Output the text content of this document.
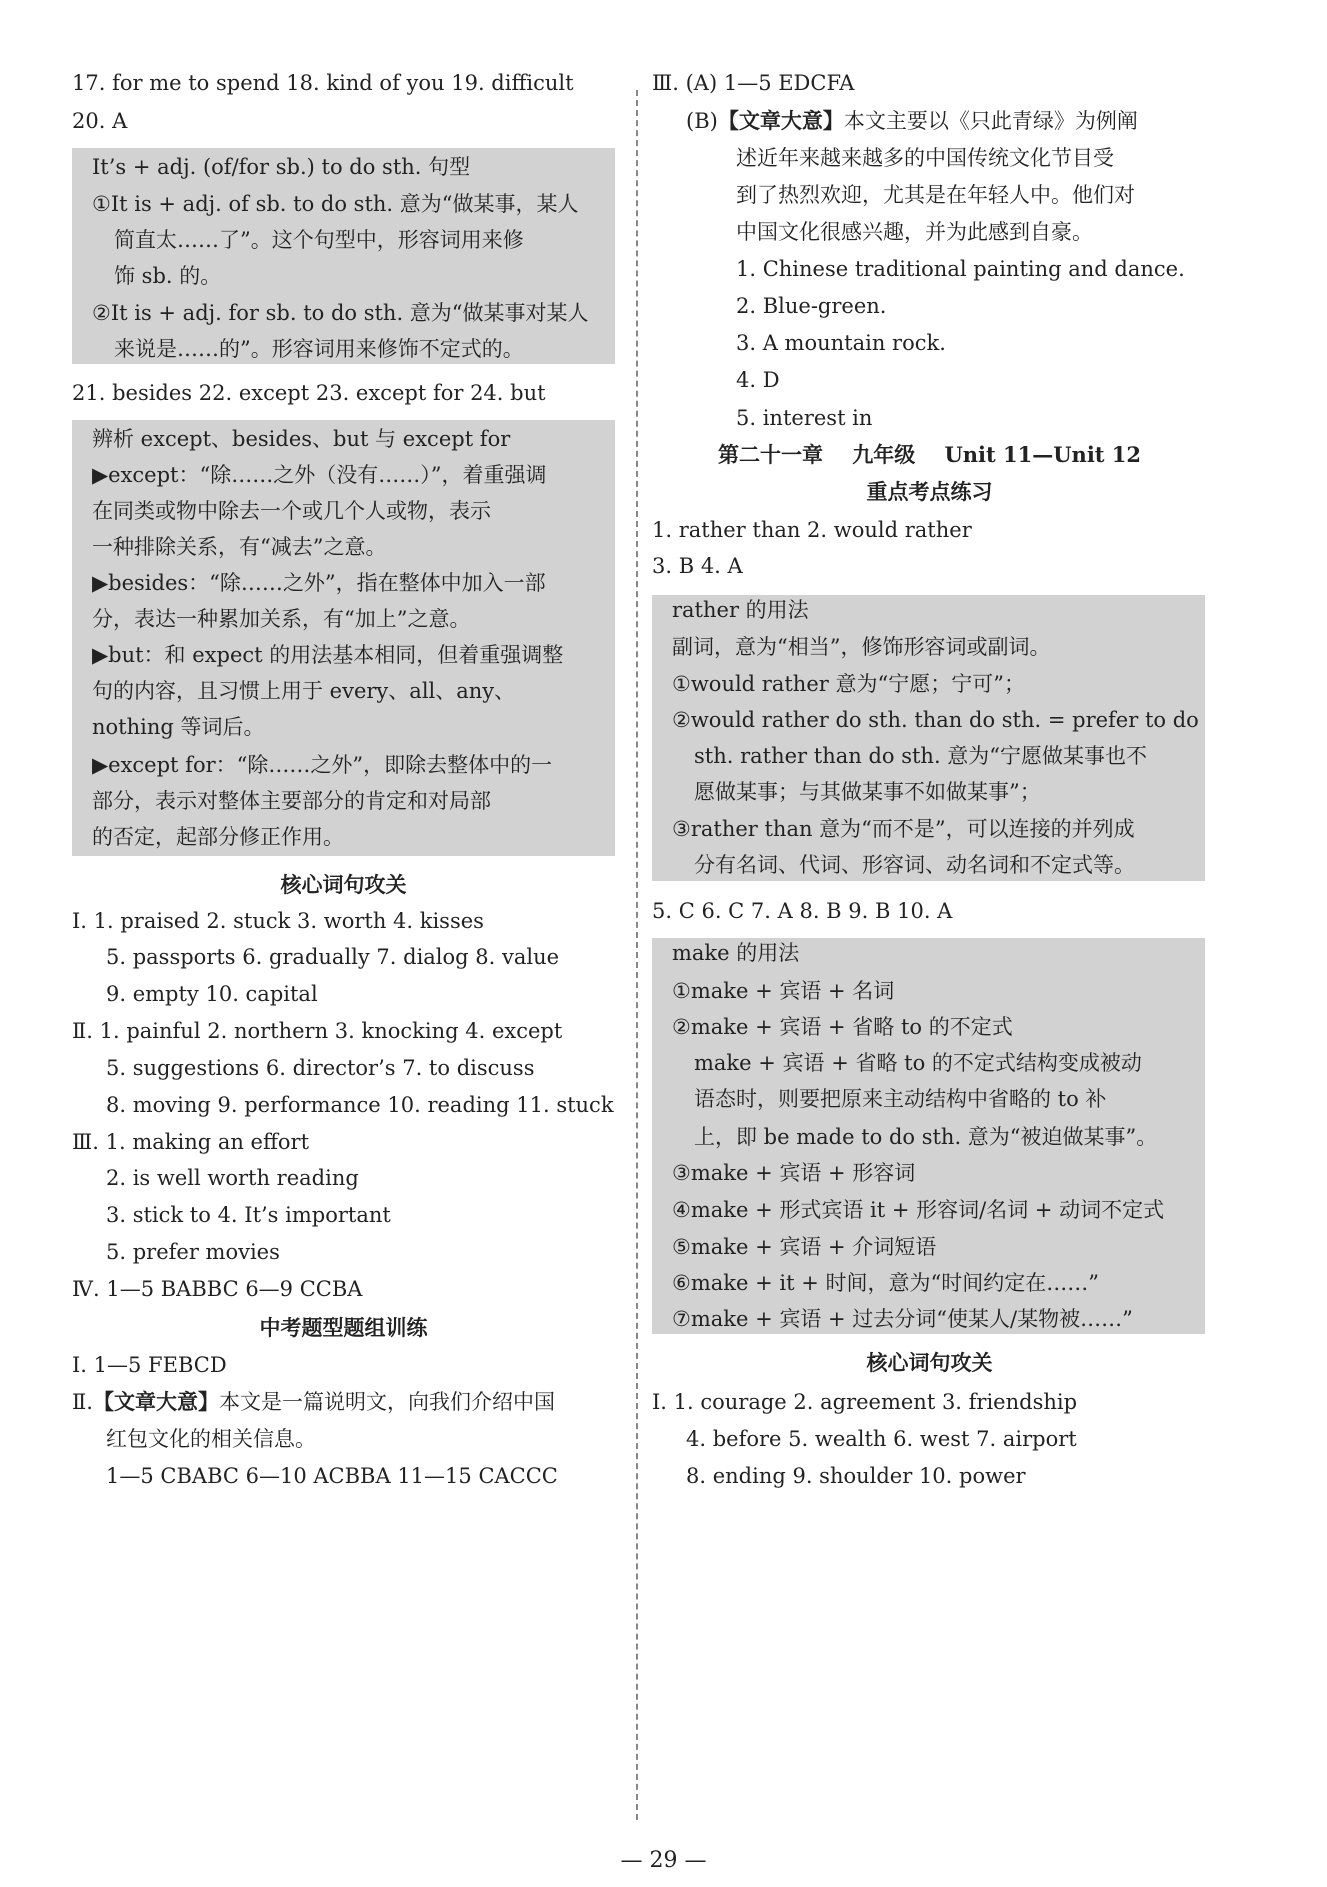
17. for me to spend 18. kind of you 19. difficult
20. A
It’s + adj. (of/for sb.) to do sth. 句型
①It is + adj. of sb. to do sth. 意为“做某事，某人
简直太……了”。这个句型中，形容词用来修
饰 sb. 的。
②It is + adj. for sb. to do sth. 意为“做某事对某人
来说是……的”。形容词用来修饰不定式的。
21. besides 22. except 23. except for 24. but
辨析 except、besides、but 与 except for
▶except：“除……之外（没有……）”，着重强调
在同类或物中除去一个或几个人或物，表示
一种排除关系，有“减去”之意。
▶besides：“除……之外”，指在整体中加入一部
分，表达一种累加关系，有“加上”之意。
▶but：和 expect 的用法基本相同，但着重强调整
句的内容，且习惯上用于 every、all、any、
nothing 等词后。
▶except for：“除……之外”，即除去整体中的一
部分，表示对整体主要部分的肯定和对局部
的否定，起部分修正作用。
核心词句攻关
Ⅰ. 1. praised 2. stuck 3. worth 4. kisses
5. passports 6. gradually 7. dialog 8. value
9. empty 10. capital
Ⅱ. 1. painful 2. northern 3. knocking 4. except
5. suggestions 6. director’s 7. to discuss
8. moving 9. performance 10. reading 11. stuck
Ⅲ. 1. making an effort
2. is well worth reading
3. stick to 4. It’s important
5. prefer movies
Ⅳ. 1—5 BABBC 6—9 CCBA
中考题型题组训练
Ⅰ. 1—5 FEBCD
Ⅱ.【文章大意】本文是一篇说明文，向我们介绍中国
红包文化的相关信息。
1—5 CBABC 6—10 ACBBA 11—15 CACCC
Ⅲ. (A) 1—5 EDCFA
(B)【文章大意】本文主要以《只此青绿》为例阐
述近年来越来越多的中国传统文化节目受
到了热烈欢迎，尤其是在年轻人中。他们对
中国文化很感兴趣，并为此感到自豪。
1. Chinese traditional painting and dance.
2. Blue-green.
3. A mountain rock.
4. D
5. interest in
第二十一章    九年级    Unit 11—Unit 12
重点考点练习
1. rather than 2. would rather
3. B 4. A
rather 的用法
副词，意为“相当”，修饰形容词或副词。
①would rather 意为“宁愿；宁可”；
②would rather do sth. than do sth. = prefer to do
sth. rather than do sth. 意为“宁愿做某事也不
愿做某事；与其做某事不如做某事”；
③rather than 意为“而不是”，可以连接的并列成
分有名词、代词、形容词、动名词和不定式等。
5. C 6. C 7. A 8. B 9. B 10. A
make 的用法
①make + 宾语 + 名词
②make + 宾语 + 省略 to 的不定式
make + 宾语 + 省略 to 的不定式结构变成被动
语态时，则要把原来主动结构中省略的 to 补
上，即 be made to do sth. 意为“被迫做某事”。
③make + 宾语 + 形容词
④make + 形式宾语 it + 形容词/名词 + 动词不定式
⑤make + 宾语 + 介词短语
⑥make + it + 时间，意为“时间约定在……”
⑦make + 宾语 + 过去分词“使某人/某物被……”
核心词句攻关
Ⅰ. 1. courage 2. agreement 3. friendship
4. before 5. wealth 6. west 7. airport
8. ending 9. shoulder 10. power
— 29 —
